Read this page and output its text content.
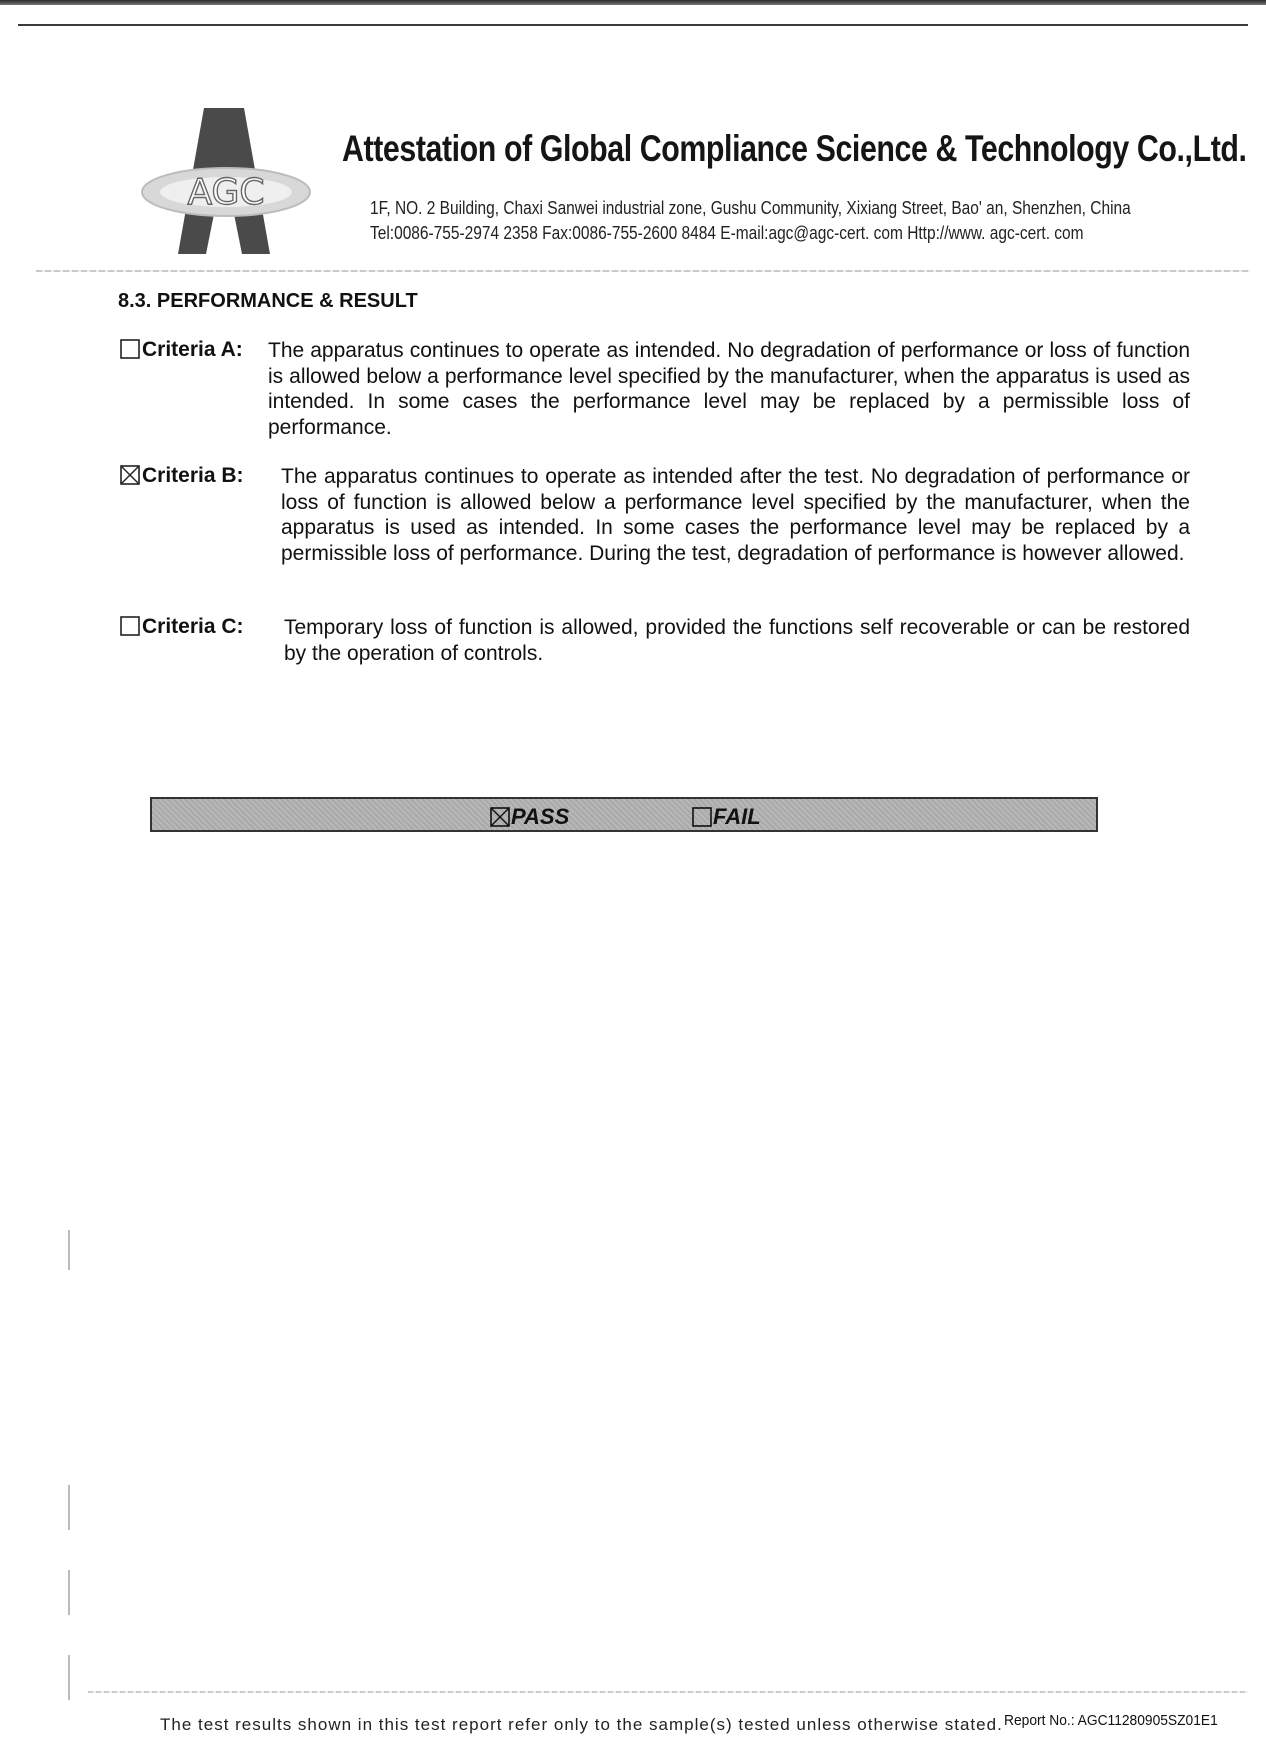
AGC
Attestation of Global Compliance Science & Technology Co.,Ltd.
1F, NO. 2 Building, Chaxi Sanwei industrial zone, Gushu Community, Xixiang Street, Bao' an, Shenzhen, China
Tel:0086-755-2974 2358 Fax:0086-755-2600 8484 E-mail:agc@agc-cert. com Http://www. agc-cert. com
8.3. PERFORMANCE & RESULT
Criteria A: The apparatus continues to operate as intended. No degradation of performance or loss of function is allowed below a performance level specified by the manufacturer, when the apparatus is used as intended. In some cases the performance level may be replaced by a permissible loss of performance.
Criteria B: The apparatus continues to operate as intended after the test. No degradation of performance or loss of function is allowed below a performance level specified by the manufacturer, when the apparatus is used as intended. In some cases the performance level may be replaced by a permissible loss of performance. During the test, degradation of performance is however allowed.
Criteria C: Temporary loss of function is allowed, provided the functions self recoverable or can be restored by the operation of controls.
PASS	FAIL
The test results shown in this test report refer only to the sample(s) tested unless otherwise stated. Report No.: AGC11280905SZ01E1
